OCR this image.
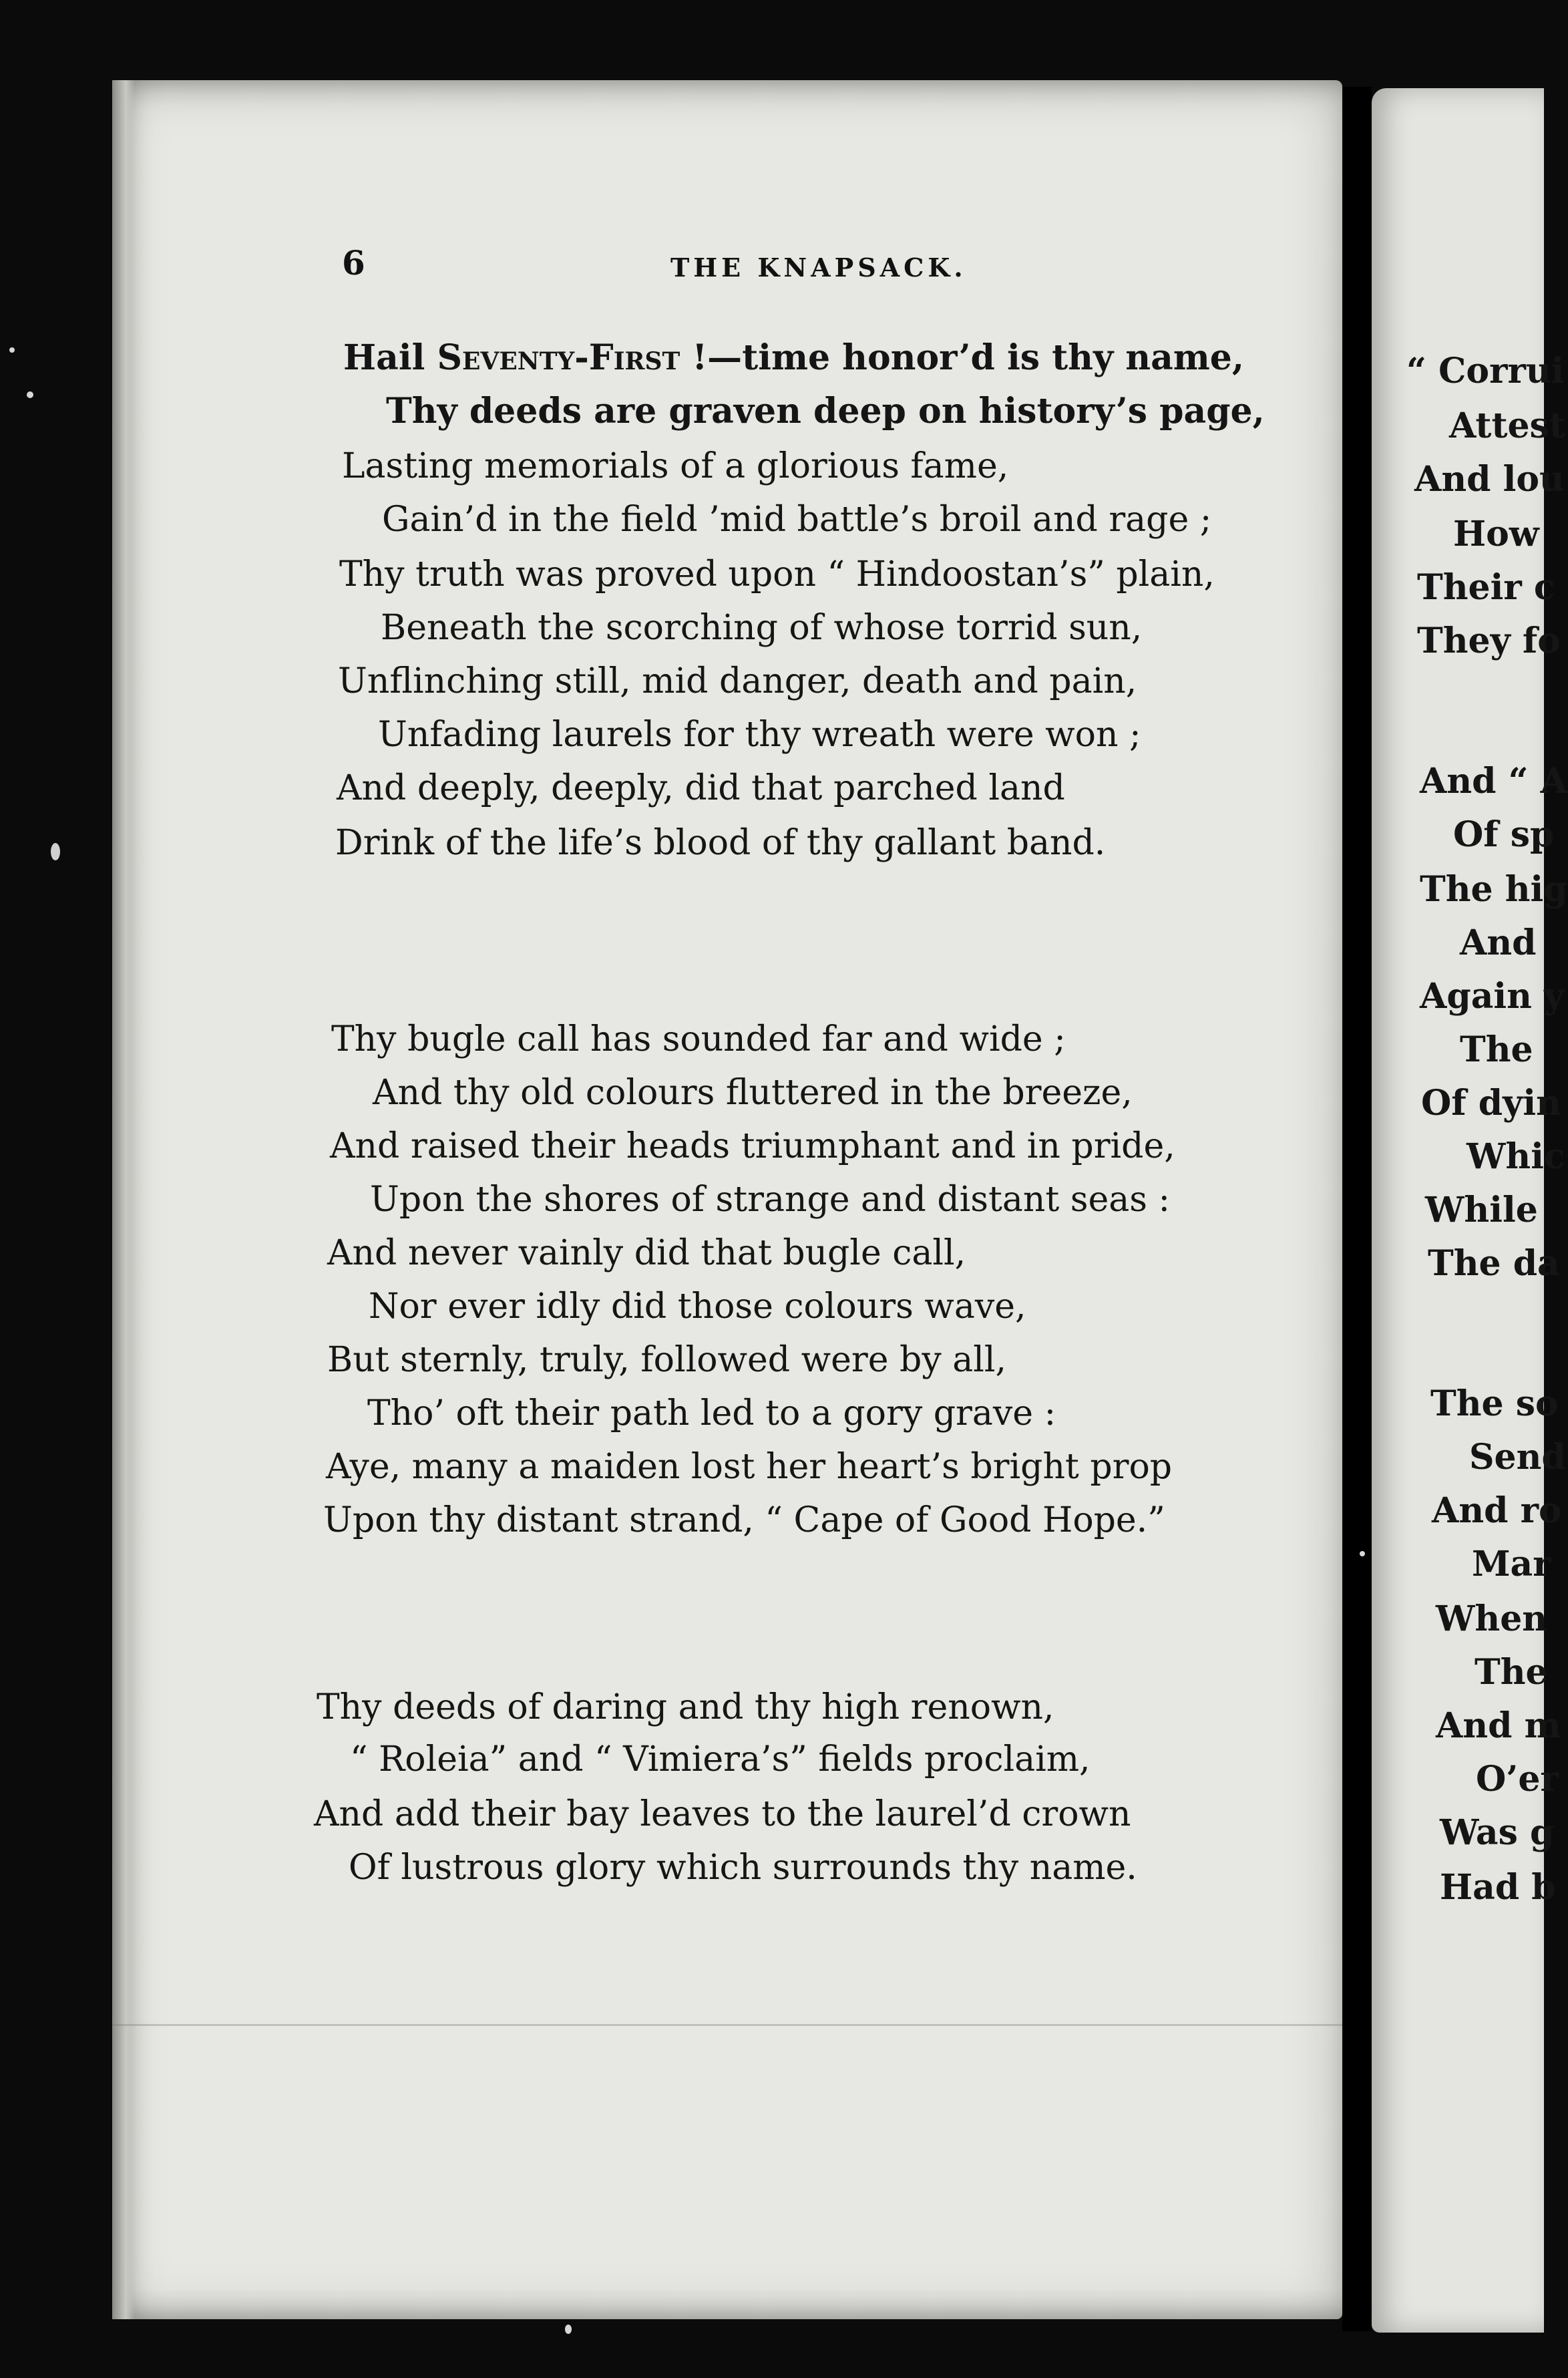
6	THE KNAPSACK.
Hail Seventy-First !—time honor’d is thy name,
Thy deeds are graven deep on history’s page,
Lasting memorials of a glorious fame,
Gain’d in the field ’mid battle’s broil and rage ;
Thy truth was proved upon “ Hindoostan’s” plain,
Beneath the scorching of whose torrid sun,
Unflinching still, mid danger, death and pain,
Unfading laurels for thy wreath were won ;
And deeply, deeply, did that parched land
Drink of the life’s blood of thy gallant band.
Thy bugle call has sounded far and wide ;
And thy old colours fluttered in the breeze,
And raised their heads triumphant and in pride,
Upon the shores of strange and distant seas :
And never vainly did that bugle call,
Nor ever idly did those colours wave,
But sternly, truly, followed were by all,
Tho’ oft their path led to a gory grave :
Aye, many a maiden lost her heart’s bright prop
Upon thy distant strand, “ Cape of Good Hope.”
Thy deeds of daring and thy high renown,
“ Roleia” and “ Vimiera’s” fields proclaim,
And add their bay leaves to the laurel’d crown
Of lustrous glory which surrounds thy name.
“ Corrui
Attest
And lou
How
Their c
They fo
And “ A
Of sp
The hig
And
Again y
The
Of dyin
Whic
While
The da
The so
Send
And ro
Mar
When
The
And m
O’er
Was g
Had b
